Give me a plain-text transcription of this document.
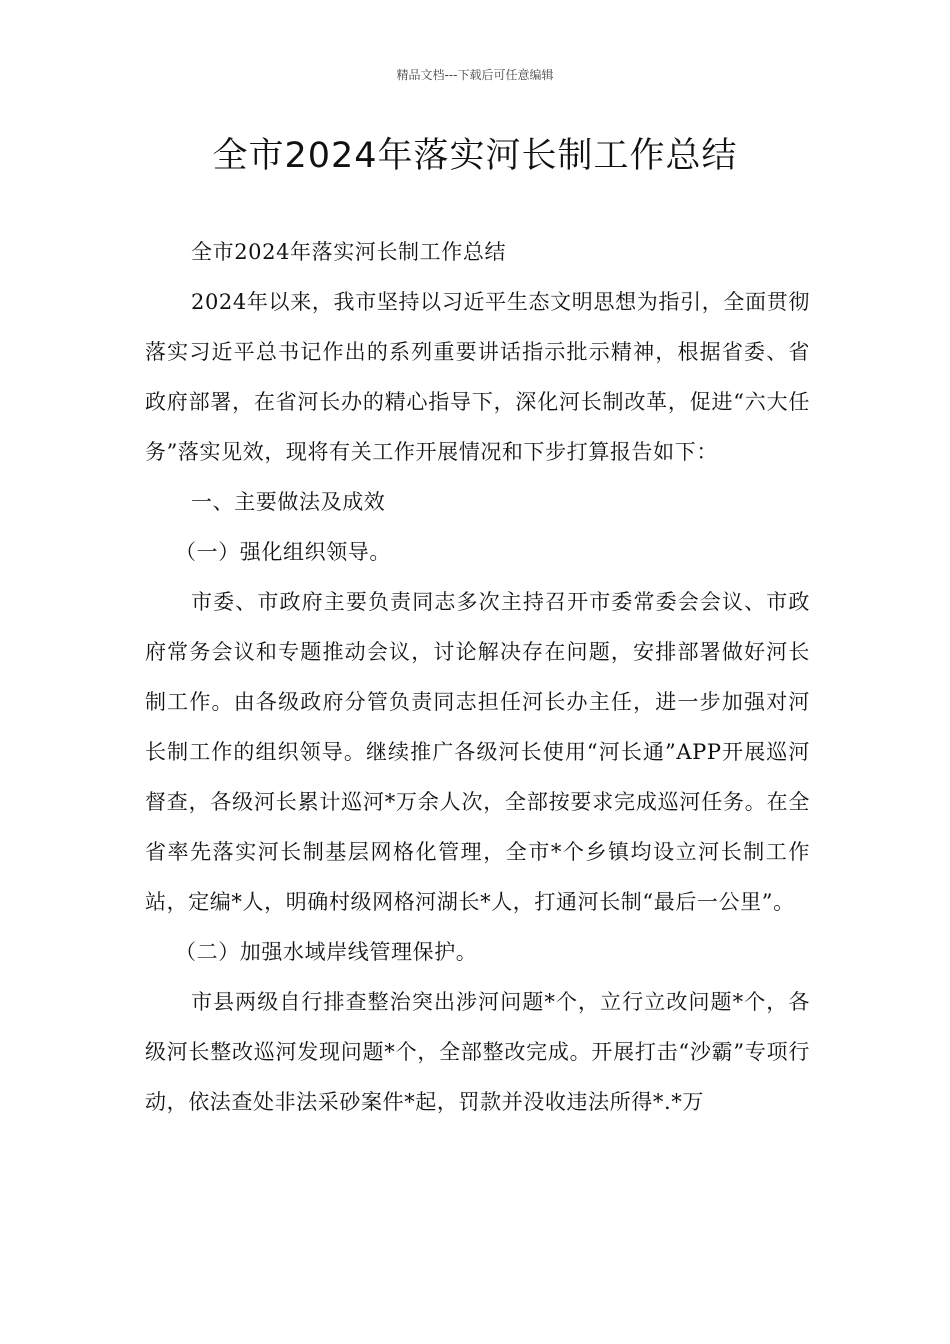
精品文档---下载后可任意编辑
全市2024年落实河长制工作总结

全市2024年落实河长制工作总结

2024年以来，我市坚持以习近平生态文明思想为指引，全面贯彻落实习近平总书记作出的系列重要讲话指示批示精神，根据省委、省政府部署，在省河长办的精心指导下，深化河长制改革，促进“六大任务”落实见效，现将有关工作开展情况和下步打算报告如下：

一、主要做法及成效

（一）强化组织领导。

市委、市政府主要负责同志多次主持召开市委常委会会议、市政府常务会议和专题推动会议，讨论解决存在问题，安排部署做好河长制工作。由各级政府分管负责同志担任河长办主任，进一步加强对河长制工作的组织领导。继续推广各级河长使用“河长通”APP开展巡河督查，各级河长累计巡河*万余人次，全部按要求完成巡河任务。在全省率先落实河长制基层网格化管理，全市*个乡镇均设立河长制工作站，定编*人，明确村级网格河湖长*人，打通河长制“最后一公里”。

（二）加强水域岸线管理保护。

市县两级自行排查整治突出涉河问题*个，立行立改问题*个，各级河长整改巡河发现问题*个，全部整改完成。开展打击“沙霸”专项行动，依法查处非法采砂案件*起，罚款并没收违法所得*.*万
